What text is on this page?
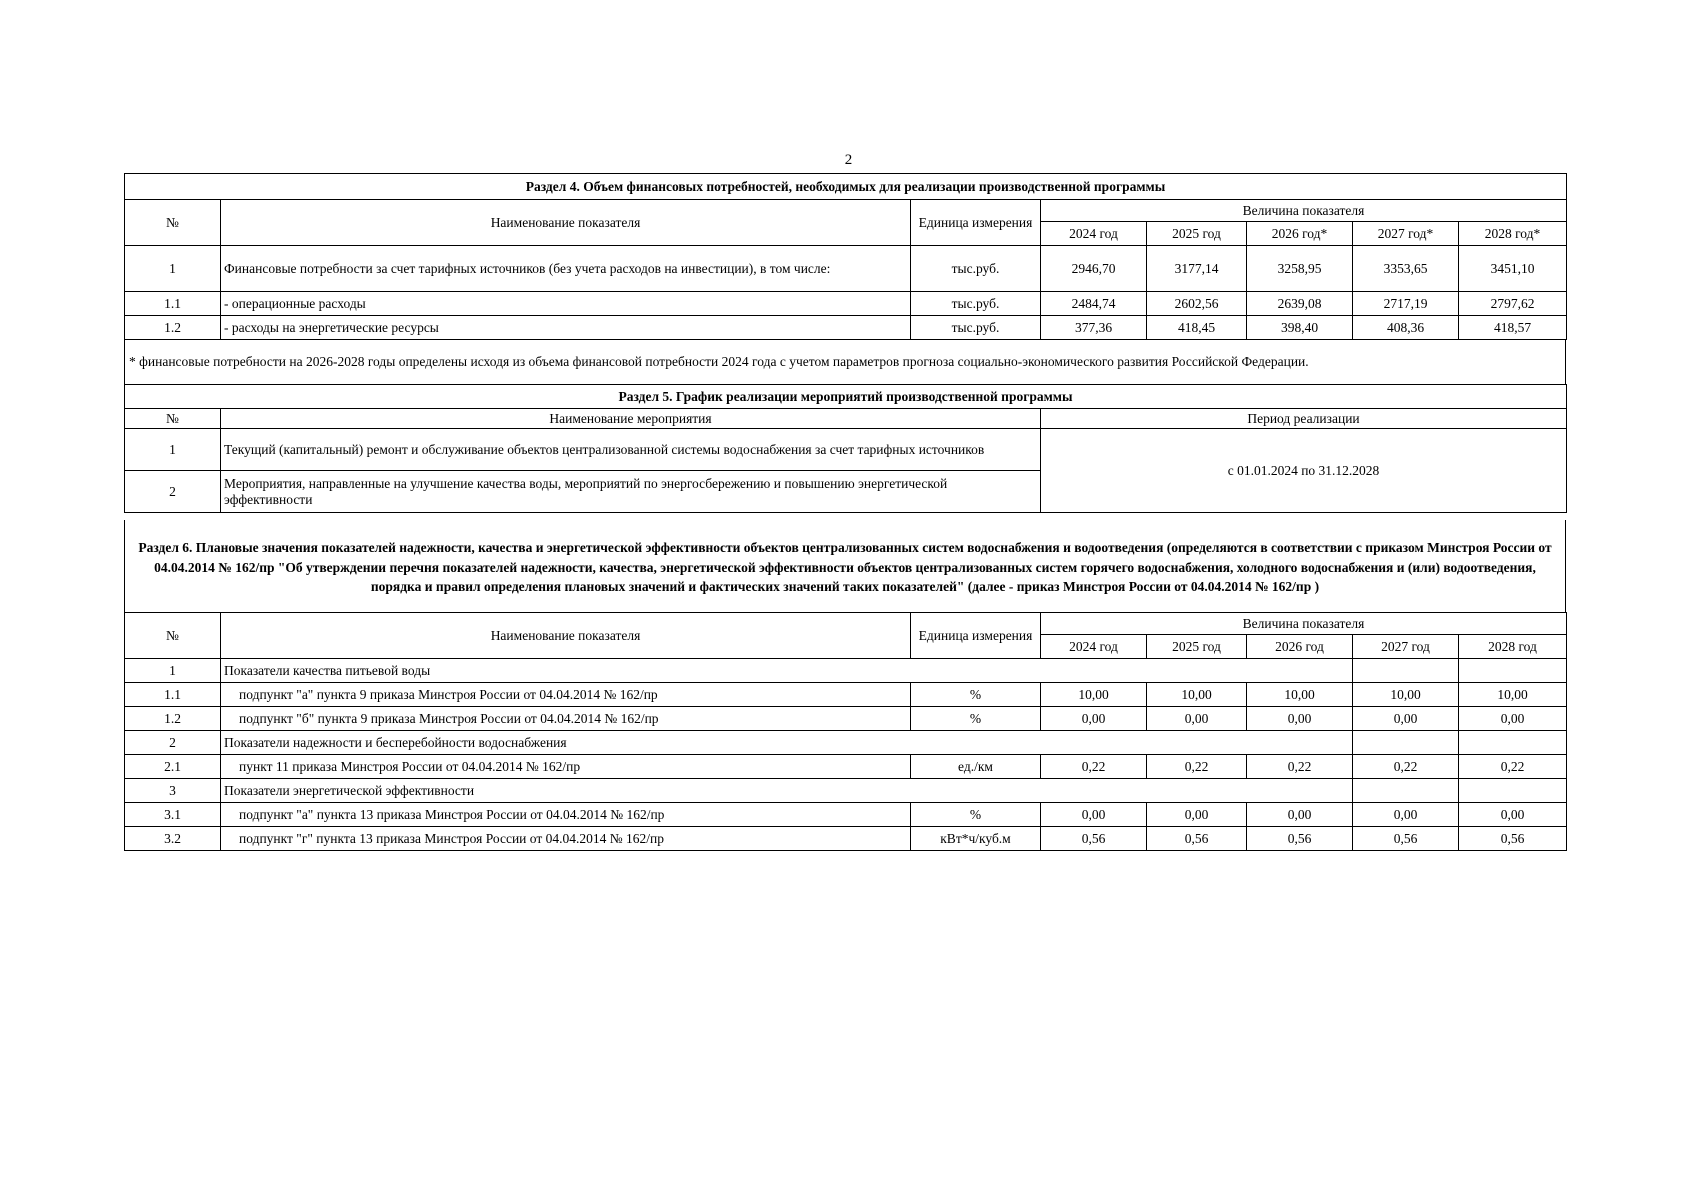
2
Раздел 4. Объем финансовых потребностей, необходимых для реализации производственной программы							
№	Наименование показателя	Единица измерения	Величина показателя				
			2024 год	2025 год	2026 год*	2027 год*	2028 год*
1	Финансовые потребности за счет тарифных источников (без учета расходов на инвестиции), в том числе:	тыс.руб.	2946,70	3177,14	3258,95	3353,65	3451,10
1.1	- операционные расходы	тыс.руб.	2484,74	2602,56	2639,08	2717,19	2797,62
1.2	- расходы на энергетические ресурсы	тыс.руб.	377,36	418,45	398,40	408,36	418,57
* финансовые потребности на 2026-2028 годы определены исходя из объема финансовой потребности 2024 года с учетом параметров прогноза социально-экономического развития Российской Федерации.
Раздел 5. График реализации мероприятий производственной программы		
№	Наименование мероприятия	Период реализации
1	Текущий (капитальный) ремонт и обслуживание объектов централизованной системы водоснабжения за счет тарифных источников	с 01.01.2024 по 31.12.2028
2	Мероприятия, направленные на улучшение качества воды, мероприятий по энергосбережению и повышению энергетической эффективности	
Раздел 6. Плановые значения показателей надежности, качества и энергетической эффективности объектов централизованных систем водоснабжения и водоотведения (определяются в соответствии с приказом Минстроя России от 04.04.2014 № 162/пр "Об утверждении перечня показателей надежности, качества, энергетической эффективности объектов централизованных систем горячего водоснабжения, холодного водоснабжения и (или) водоотведения, порядка и правил определения плановых значений и фактических значений таких показателей" (далее - приказ Минстроя России от 04.04.2014 № 162/пр )
№	Наименование показателя	Единица измерения	Величина показателя				
			2024 год	2025 год	2026 год	2027 год	2028 год
1	Показатели качества питьевой воды						
1.1	подпункт "а" пункта 9 приказа Минстроя России от 04.04.2014 № 162/пр	%	10,00	10,00	10,00	10,00	10,00
1.2	подпункт "б" пункта 9 приказа Минстроя России от 04.04.2014 № 162/пр	%	0,00	0,00	0,00	0,00	0,00
2	Показатели надежности и бесперебойности водоснабжения						
2.1	пункт 11 приказа Минстроя России от 04.04.2014 № 162/пр	ед./км	0,22	0,22	0,22	0,22	0,22
3	Показатели энергетической эффективности						
3.1	подпункт "а" пункта 13 приказа Минстроя России от 04.04.2014 № 162/пр	%	0,00	0,00	0,00	0,00	0,00
3.2	подпункт "г" пункта 13 приказа Минстроя России от 04.04.2014 № 162/пр	кВт*ч/куб.м	0,56	0,56	0,56	0,56	0,56
